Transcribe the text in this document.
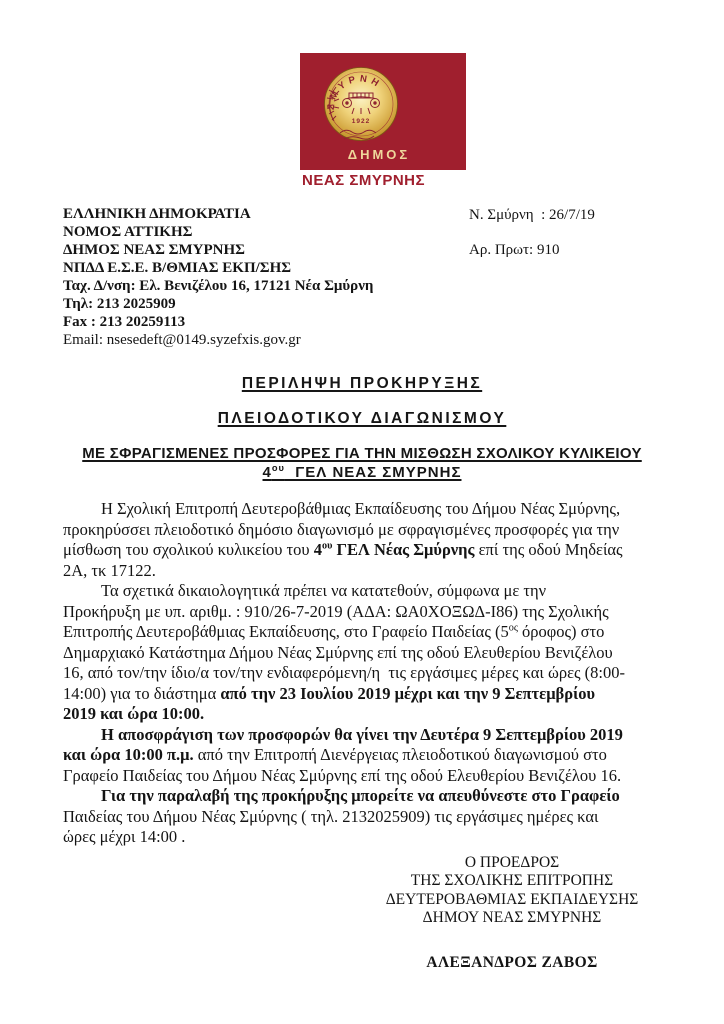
ΣΜΥΡΝΗ
1922
ΔΗΜΟΣ
ΝΕΑΣ ΣΜΥΡΝΗΣ
ΕΛΛΗΝΙΚΗ ΔΗΜΟΚΡΑΤΙΑ
ΝΟΜΟΣ ΑΤΤΙΚΗΣ
ΔΗΜΟΣ ΝΕΑΣ ΣΜΥΡΝΗΣ
ΝΠΔΔ Ε.Σ.Ε. Β/ΘΜΙΑΣ ΕΚΠ/ΣΗΣ
Ταχ. Δ/νση: Ελ. Βενιζέλου 16, 17121 Νέα Σμύρνη
Τηλ: 213 2025909
Fax : 213 20259113
Email: nsesedeft@0149.syzefxis.gov.gr
Ν. Σμύρνη  : 26/7/19
Αρ. Πρωτ: 910
ΠΕΡΙΛΗΨΗ ΠΡΟΚΗΡΥΞΗΣ
ΠΛΕΙΟΔΟΤΙΚΟΥ ΔΙΑΓΩΝΙΣΜΟΥ
ΜΕ ΣΦΡΑΓΙΣΜΕΝΕΣ ΠΡΟΣΦΟΡΕΣ ΓΙΑ ΤΗΝ ΜΙΣΘΩΣΗ ΣΧΟΛΙΚΟΥ ΚΥΛΙΚΕΙΟΥ
$4^{o\upsilon}$  ΓΕΛ ΝΕΑΣ ΣΜΥΡΝΗΣ

Η Σχολική Επιτροπή Δευτεροβάθμιας Εκπαίδευσης του Δήμου Νέας Σμύρνης,
προκηρύσσει πλειοδοτικό δημόσιο διαγωνισμό με σφραγισμένες προσφορές για την
μίσθωση του σχολικού κυλικείου του $4^{o\upsilon}$ ΓΕΛ Νέας Σμύρνης επί της οδού Μηδείας
2Α, τκ 17122.

Τα σχετικά δικαιολογητικά πρέπει να κατατεθούν, σύμφωνα με την
Προκήρυξη με υπ. αριθμ. : 910/26-7-2019 (ΑΔΑ: ΩΑ0ΧΟΞΩΔ-Ι86) της Σχολικής
Επιτροπής Δευτεροβάθμιας Εκπαίδευσης, στο Γραφείο Παιδείας ($5^{o\varsigma}$ όροφος) στο
Δημαρχιακό Κατάστημα Δήμου Νέας Σμύρνης επί της οδού Ελευθερίου Βενιζέλου
16, από τον/την ίδιο/α τον/την ενδιαφερόμενη/η  τις εργάσιμες μέρες και ώρες (8:00-
14:00) για το διάστημα από την 23 Ιουλίου 2019 μέχρι και την 9 Σεπτεμβρίου
2019 και ώρα 10:00.

Η αποσφράγιση των προσφορών θα γίνει την Δευτέρα 9 Σεπτεμβρίου 2019
και ώρα 10:00 π.μ. από την Επιτροπή Διενέργειας πλειοδοτικού διαγωνισμού στο
Γραφείο Παιδείας του Δήμου Νέας Σμύρνης επί της οδού Ελευθερίου Βενιζέλου 16.

Για την παραλαβή της προκήρυξης μπορείτε να απευθύνεστε στο Γραφείο
Παιδείας του Δήμου Νέας Σμύρνης ( τηλ. 2132025909) τις εργάσιμες ημέρες και
ώρες μέχρι 14:00 .

Ο ΠΡΟΕΔΡΟΣ
ΤΗΣ ΣΧΟΛΙΚΗΣ ΕΠΙΤΡΟΠΗΣ
ΔΕΥΤΕΡΟΒΑΘΜΙΑΣ ΕΚΠΑΙΔΕΥΣΗΣ
ΔΗΜΟΥ ΝΕΑΣ ΣΜΥΡΝΗΣ
ΑΛΕΞΑΝΔΡΟΣ ΖΑΒΟΣ
